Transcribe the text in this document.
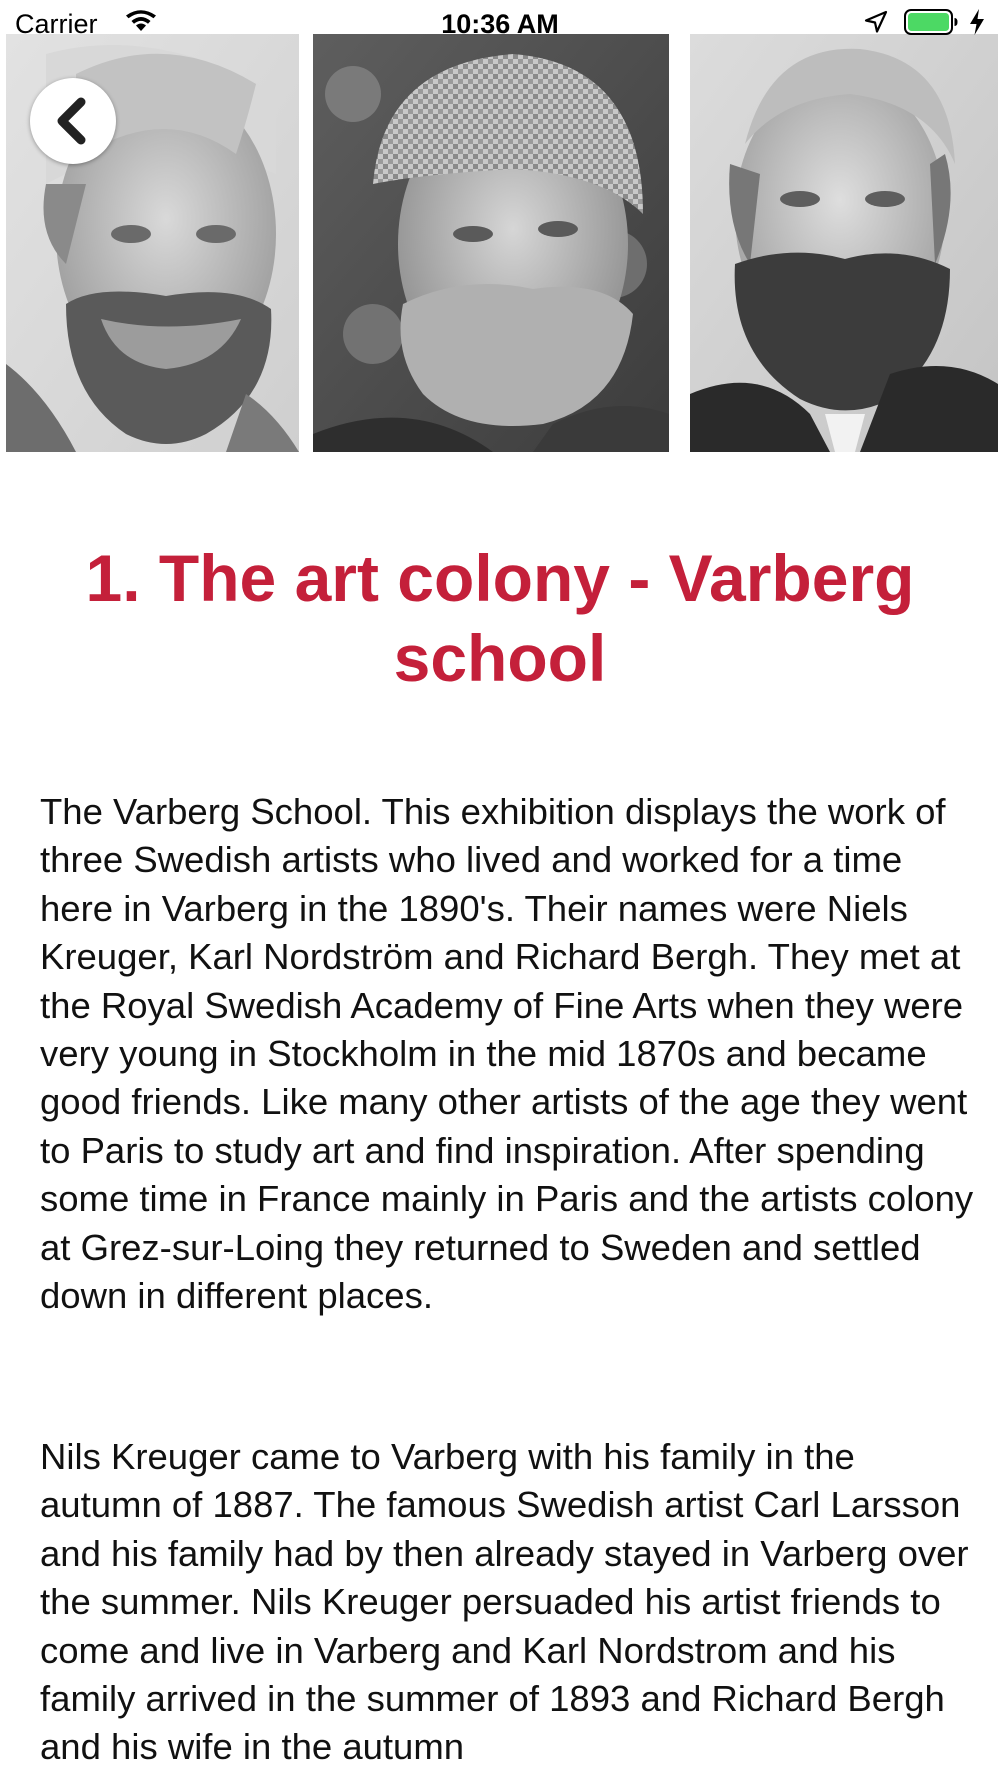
Carrier	10:36 AM
1. The art colony - Varberg school

The Varberg School. This exhibition displays the work of three Swedish artists who lived and worked for a time here in Varberg in the 1890's. Their names were Niels Kreuger, Karl Nordström and Richard Bergh. They met at the Royal Swedish Academy of Fine Arts when they were very young in Stockholm in the mid 1870s and became good friends. Like many other artists of the age they went to Paris to study art and find inspiration. After spending some time in France mainly in Paris and the artists colony at Grez-sur-Loing they returned to Sweden and settled down in different places.

Nils Kreuger came to Varberg with his family in the autumn of 1887. The famous Swedish artist Carl Larsson and his family had by then already stayed in Varberg over the summer. Nils Kreuger persuaded his artist friends to come and live in Varberg and Karl Nordstrom and his family arrived in the summer of 1893 and Richard Bergh and his wife in the autumn
